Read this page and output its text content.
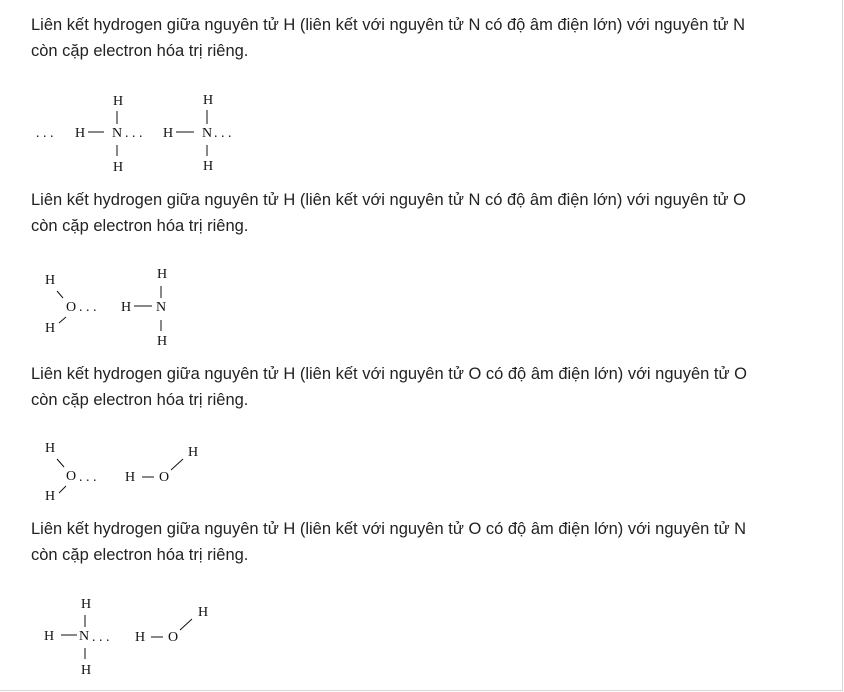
Liên kết hydrogen giữa nguyên tử H (liên kết với nguyên tử N có độ âm điện lớn) với nguyên tử N
còn cặp electron hóa trị riêng.

. . . H N
H
H
. . . H N
H
H
. . .

Liên kết hydrogen giữa nguyên tử H (liên kết với nguyên tử N có độ âm điện lớn) với nguyên tử O
còn cặp electron hóa trị riêng.

H
O
H
. . . H N
H
H

Liên kết hydrogen giữa nguyên tử H (liên kết với nguyên tử O có độ âm điện lớn) với nguyên tử O
còn cặp electron hóa trị riêng.

H
O
H
. . . H O
H

Liên kết hydrogen giữa nguyên tử H (liên kết với nguyên tử O có độ âm điện lớn) với nguyên tử N
còn cặp electron hóa trị riêng.

H N
H
H
. . . H O
H
